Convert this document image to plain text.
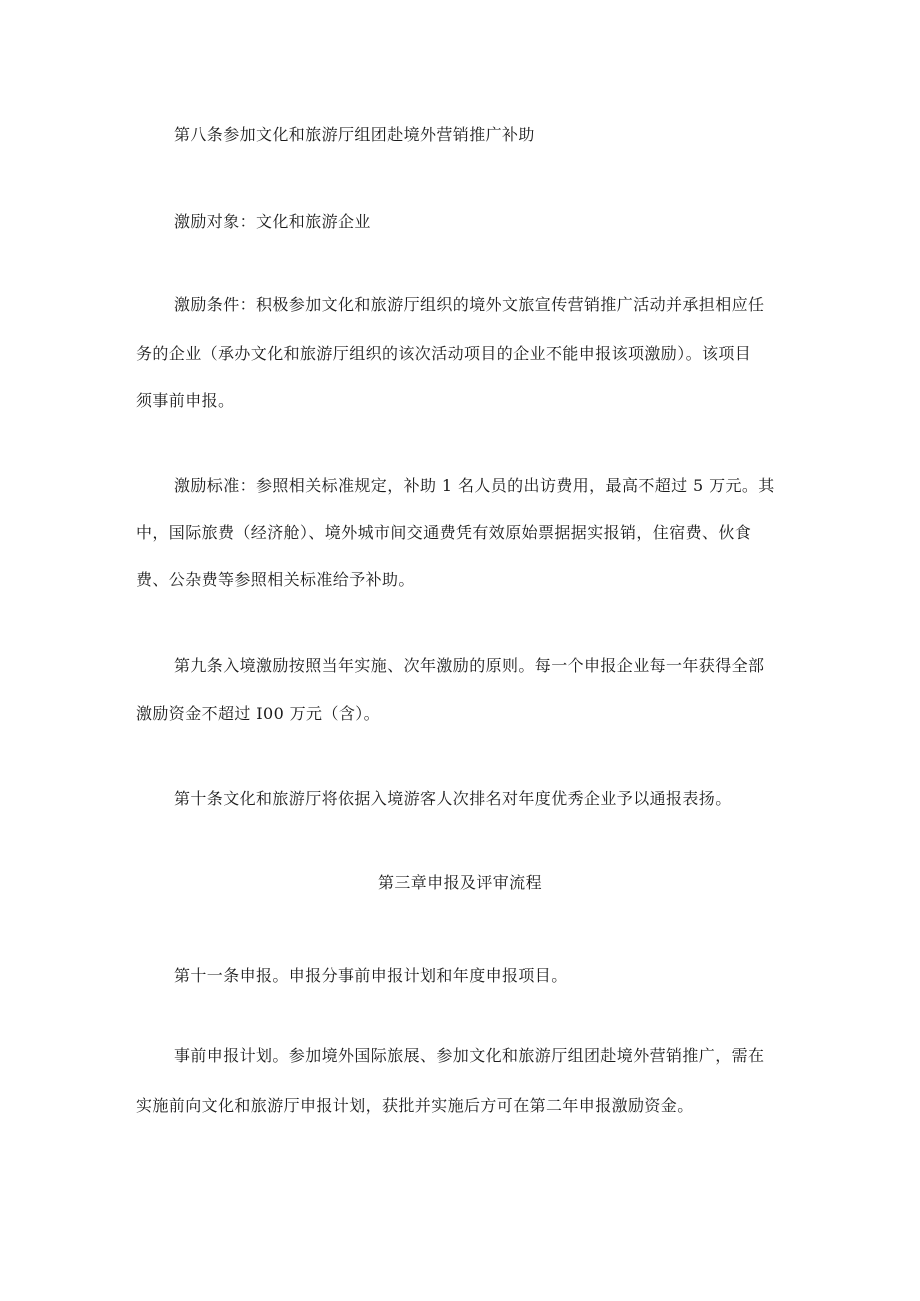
第八条参加文化和旅游厅组团赴境外营销推广补助
激励对象：文化和旅游企业
激励条件：积极参加文化和旅游厅组织的境外文旅宣传营销推广活动并承担相应任
务的企业（承办文化和旅游厅组织的该次活动项目的企业不能申报该项激励）。该项目
须事前申报。
激励标准：参照相关标准规定，补助 1 名人员的出访费用，最高不超过 5 万元。其
中，国际旅费（经济舱）、境外城市间交通费凭有效原始票据据实报销，住宿费、伙食
费、公杂费等参照相关标准给予补助。
第九条入境激励按照当年实施、次年激励的原则。每一个申报企业每一年获得全部
激励资金不超过 I00 万元（含）。
第十条文化和旅游厅将依据入境游客人次排名对年度优秀企业予以通报表扬。
第三章申报及评审流程
第十一条申报。申报分事前申报计划和年度申报项目。
事前申报计划。参加境外国际旅展、参加文化和旅游厅组团赴境外营销推广，需在
实施前向文化和旅游厅申报计划，获批并实施后方可在第二年申报激励资金。
